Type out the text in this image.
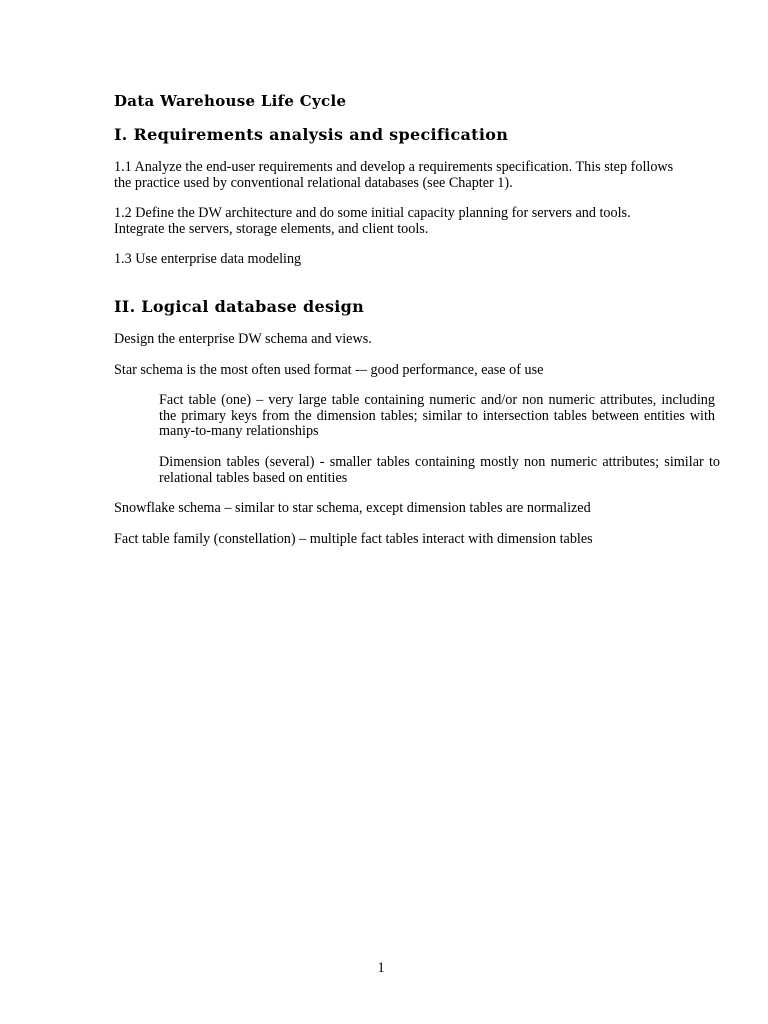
Data Warehouse Life Cycle
I. Requirements analysis and specification

1.1 Analyze the end-user requirements and develop a requirements specification. This step follows the practice used by conventional relational databases (see Chapter 1).

1.2 Define the DW architecture and do some initial capacity planning for servers and tools. Integrate the servers, storage elements, and client tools.

1.3 Use enterprise data modeling

II. Logical database design

Design the enterprise DW schema and views.

Star schema is the most often used format -– good performance, ease of use

Fact table (one) – very large table containing numeric and/or non numeric attributes, including the primary keys from the dimension tables; similar to intersection tables between entities with many-to-many relationships

Dimension tables (several) - smaller tables containing mostly non numeric attributes; similar to relational tables based on entities

Snowflake schema – similar to star schema, except dimension tables are normalized

Fact table family (constellation) – multiple fact tables interact with dimension tables

1
